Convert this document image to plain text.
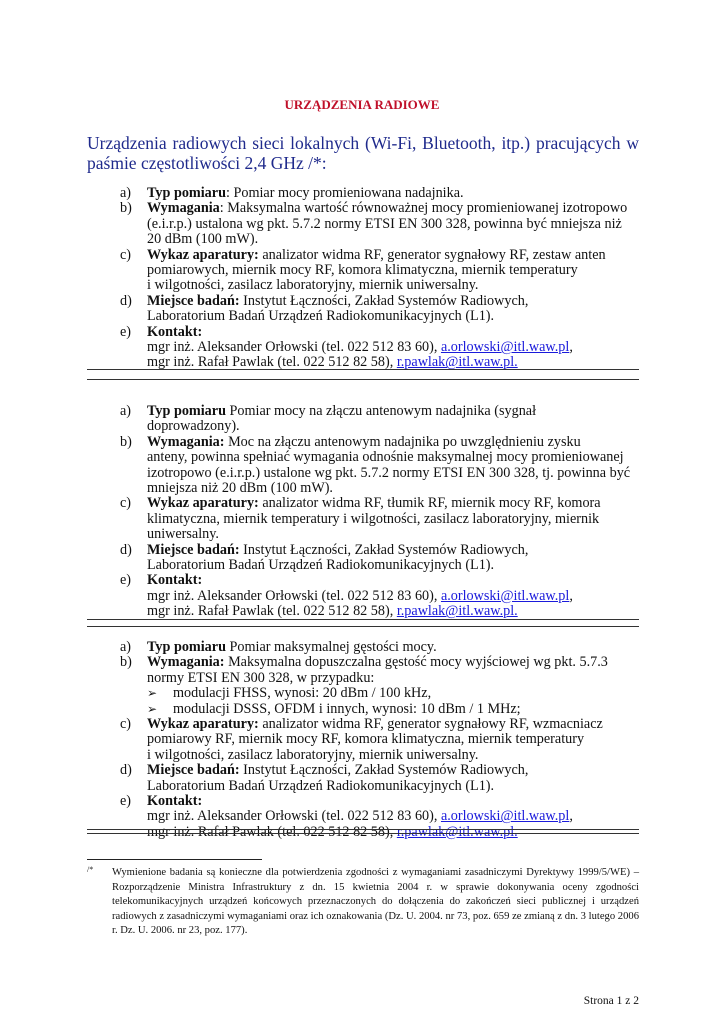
URZĄDZENIA RADIOWE
Urządzenia radiowych sieci lokalnych (Wi-Fi, Bluetooth, itp.) pracujących w paśmie częstotliwości 2,4 GHz /*:
a) Typ pomiaru: Pomiar mocy promieniowana nadajnika.
b) Wymagania: Maksymalna wartość równoważnej mocy promieniowanej izotropowo
(e.i.r.p.) ustalona wg pkt. 5.7.2 normy ETSI EN 300 328, powinna być mniejsza niż
20 dBm (100 mW).
c) Wykaz aparatury: analizator widma RF, generator sygnałowy RF, zestaw anten
pomiarowych, miernik mocy RF, komora klimatyczna, miernik temperatury
i wilgotności, zasilacz laboratoryjny, miernik uniwersalny.
d) Miejsce badań: Instytut Łączności, Zakład Systemów Radiowych,
Laboratorium Badań Urządzeń Radiokomunikacyjnych (L1).
e) Kontakt:
mgr inż. Aleksander Orłowski (tel. 022 512 83 60), a.orlowski@itl.waw.pl,
mgr inż. Rafał Pawlak (tel. 022 512 82 58), r.pawlak@itl.waw.pl.
a) Typ pomiaru Pomiar mocy na złączu antenowym nadajnika (sygnał
doprowadzony).
b) Wymagania: Moc na złączu antenowym nadajnika po uwzględnieniu zysku
anteny, powinna spełniać wymagania odnośnie maksymalnej mocy promieniowanej
izotropowo (e.i.r.p.) ustalone wg pkt. 5.7.2 normy ETSI EN 300 328, tj. powinna być
mniejsza niż 20 dBm (100 mW).
c) Wykaz aparatury: analizator widma RF, tłumik RF, miernik mocy RF, komora
klimatyczna, miernik temperatury i wilgotności, zasilacz laboratoryjny, miernik
uniwersalny.
d) Miejsce badań: Instytut Łączności, Zakład Systemów Radiowych,
Laboratorium Badań Urządzeń Radiokomunikacyjnych (L1).
e) Kontakt:
mgr inż. Aleksander Orłowski (tel. 022 512 83 60), a.orlowski@itl.waw.pl,
mgr inż. Rafał Pawlak (tel. 022 512 82 58), r.pawlak@itl.waw.pl.
a) Typ pomiaru Pomiar maksymalnej gęstości mocy.
b) Wymagania: Maksymalna dopuszczalna gęstość mocy wyjściowej wg pkt. 5.7.3
normy ETSI EN 300 328, w przypadku:
➢ modulacji FHSS, wynosi: 20 dBm / 100 kHz,
➢ modulacji DSSS, OFDM i innych, wynosi: 10 dBm / 1 MHz;
c) Wykaz aparatury: analizator widma RF, generator sygnałowy RF, wzmacniacz
pomiarowy RF, miernik mocy RF, komora klimatyczna, miernik temperatury
i wilgotności, zasilacz laboratoryjny, miernik uniwersalny.
d) Miejsce badań: Instytut Łączności, Zakład Systemów Radiowych,
Laboratorium Badań Urządzeń Radiokomunikacyjnych (L1).
e) Kontakt:
mgr inż. Aleksander Orłowski (tel. 022 512 83 60), a.orlowski@itl.waw.pl,
mgr inż. Rafał Pawlak (tel. 022 512 82 58), r.pawlak@itl.waw.pl.
/*	Wymienione badania są konieczne dla potwierdzenia zgodności z wymaganiami zasadniczymi Dyrektywy 1999/5/WE) – Rozporządzenie Ministra Infrastruktury z dn. 15 kwietnia 2004 r. w sprawie dokonywania oceny zgodności telekomunikacyjnych urządzeń końcowych przeznaczonych do dołączenia do zakończeń sieci publicznej i urządzeń radiowych z zasadniczymi wymaganiami oraz ich oznakowania (Dz. U. 2004. nr 73, poz. 659 ze zmianą z dn. 3 lutego 2006 r. Dz. U. 2006. nr 23, poz. 177).
Strona 1 z 2
